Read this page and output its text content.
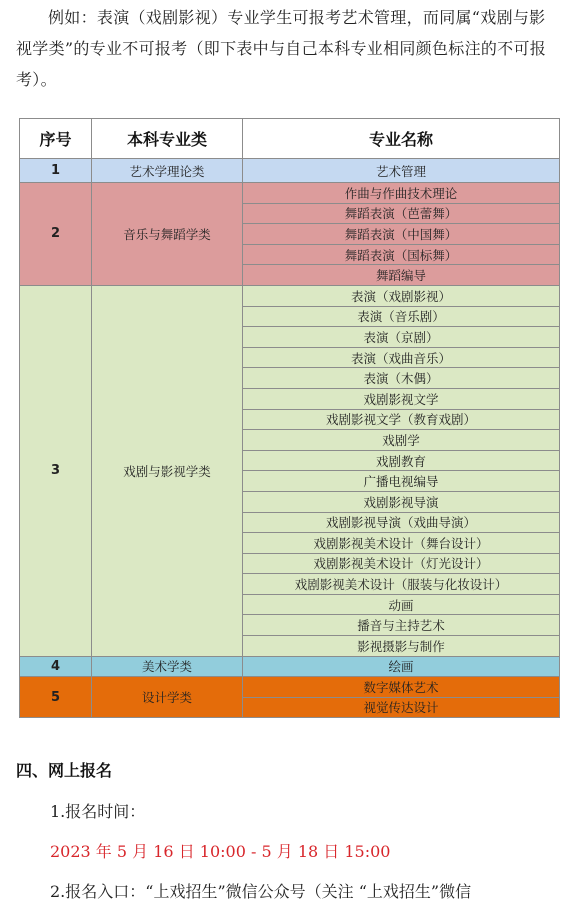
例如：表演（戏剧影视）专业学生可报考艺术管理，而同属“戏剧与影视学类”的专业不可报考（即下表中与自己本科专业相同颜色标注的不可报考）。
序号	本科专业类	专业名称
1	艺术学理论类	艺术管理
2	音乐与舞蹈学类	作曲与作曲技术理论
		舞蹈表演（芭蕾舞）
		舞蹈表演（中国舞）
		舞蹈表演（国标舞）
		舞蹈编导
3	戏剧与影视学类	表演（戏剧影视）
		表演（音乐剧）
		表演（京剧）
		表演（戏曲音乐）
		表演（木偶）
		戏剧影视文学
		戏剧影视文学（教育戏剧）
		戏剧学
		戏剧教育
		广播电视编导
		戏剧影视导演
		戏剧影视导演（戏曲导演）
		戏剧影视美术设计（舞台设计）
		戏剧影视美术设计（灯光设计）
		戏剧影视美术设计（服装与化妆设计）
		动画
		播音与主持艺术
		影视摄影与制作
4	美术学类	绘画
5	设计学类	数字媒体艺术
		视觉传达设计
四、网上报名
1.报名时间：
2023 年 5 月 16 日 10:00 - 5 月 18 日 15:00
2.报名入口：“上戏招生”微信公众号（关注 “上戏招生”微信
